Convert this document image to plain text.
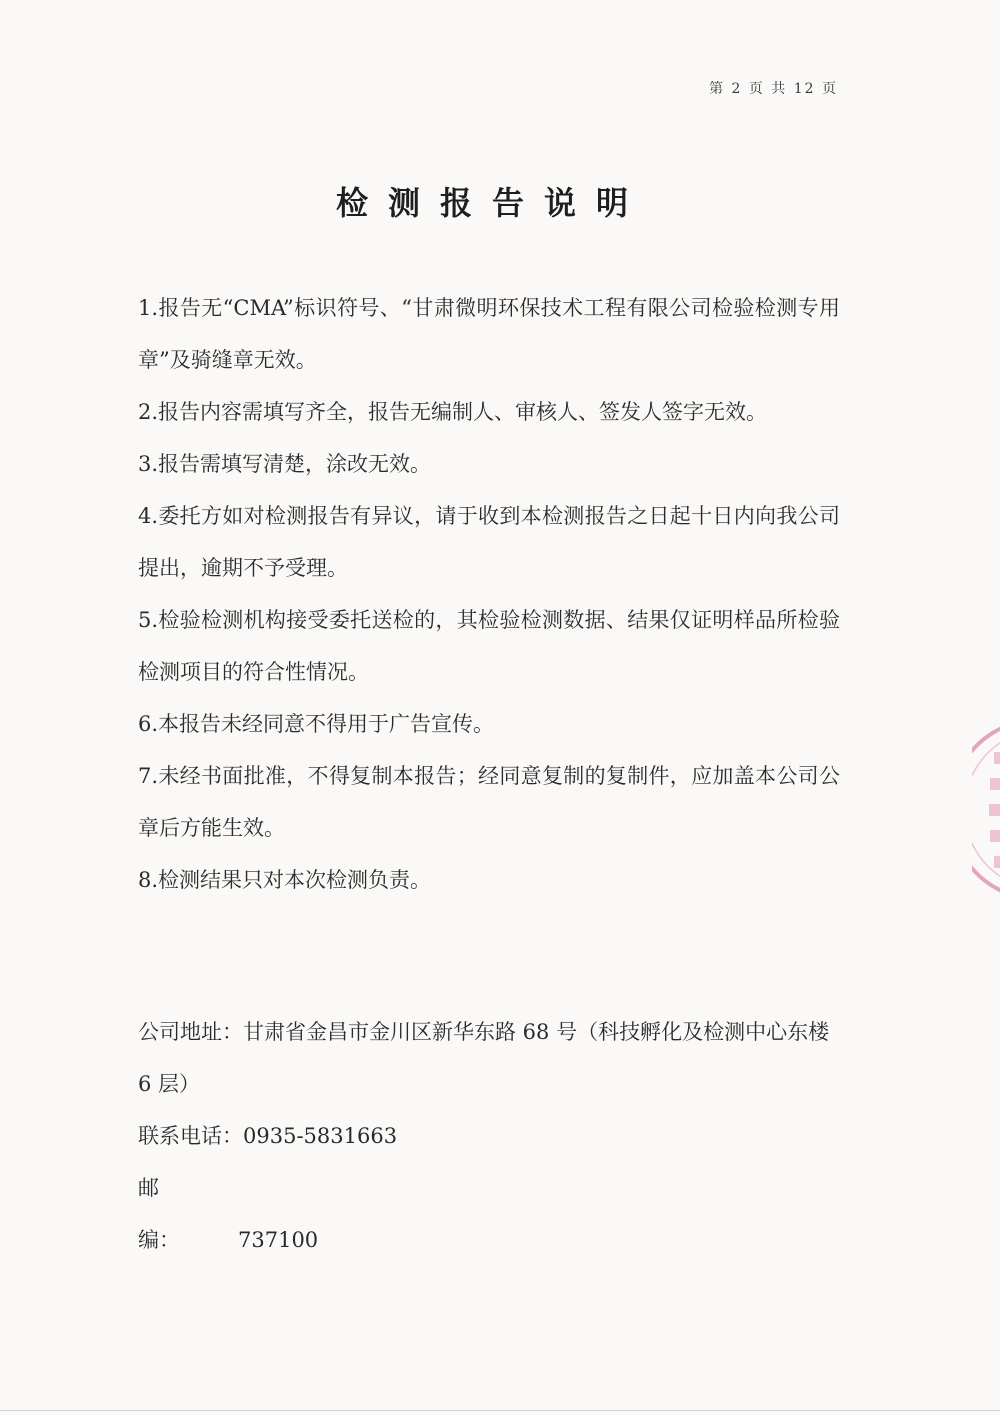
第 2 页 共 12 页
检测报告说明
1.报告无“CMA”标识符号、“甘肃微明环保技术工程有限公司检验检测专用章”及骑缝章无效。
2.报告内容需填写齐全，报告无编制人、审核人、签发人签字无效。
3.报告需填写清楚，涂改无效。
4.委托方如对检测报告有异议，请于收到本检测报告之日起十日内向我公司提出，逾期不予受理。
5.检验检测机构接受委托送检的，其检验检测数据、结果仅证明样品所检验检测项目的符合性情况。
6.本报告未经同意不得用于广告宣传。
7.未经书面批准，不得复制本报告；经同意复制的复制件，应加盖本公司公章后方能生效。
8.检测结果只对本次检测负责。
公司地址：甘肃省金昌市金川区新华东路 68 号（科技孵化及检测中心东楼 6 层）
联系电话：0935-5831663
邮　　编：	737100
